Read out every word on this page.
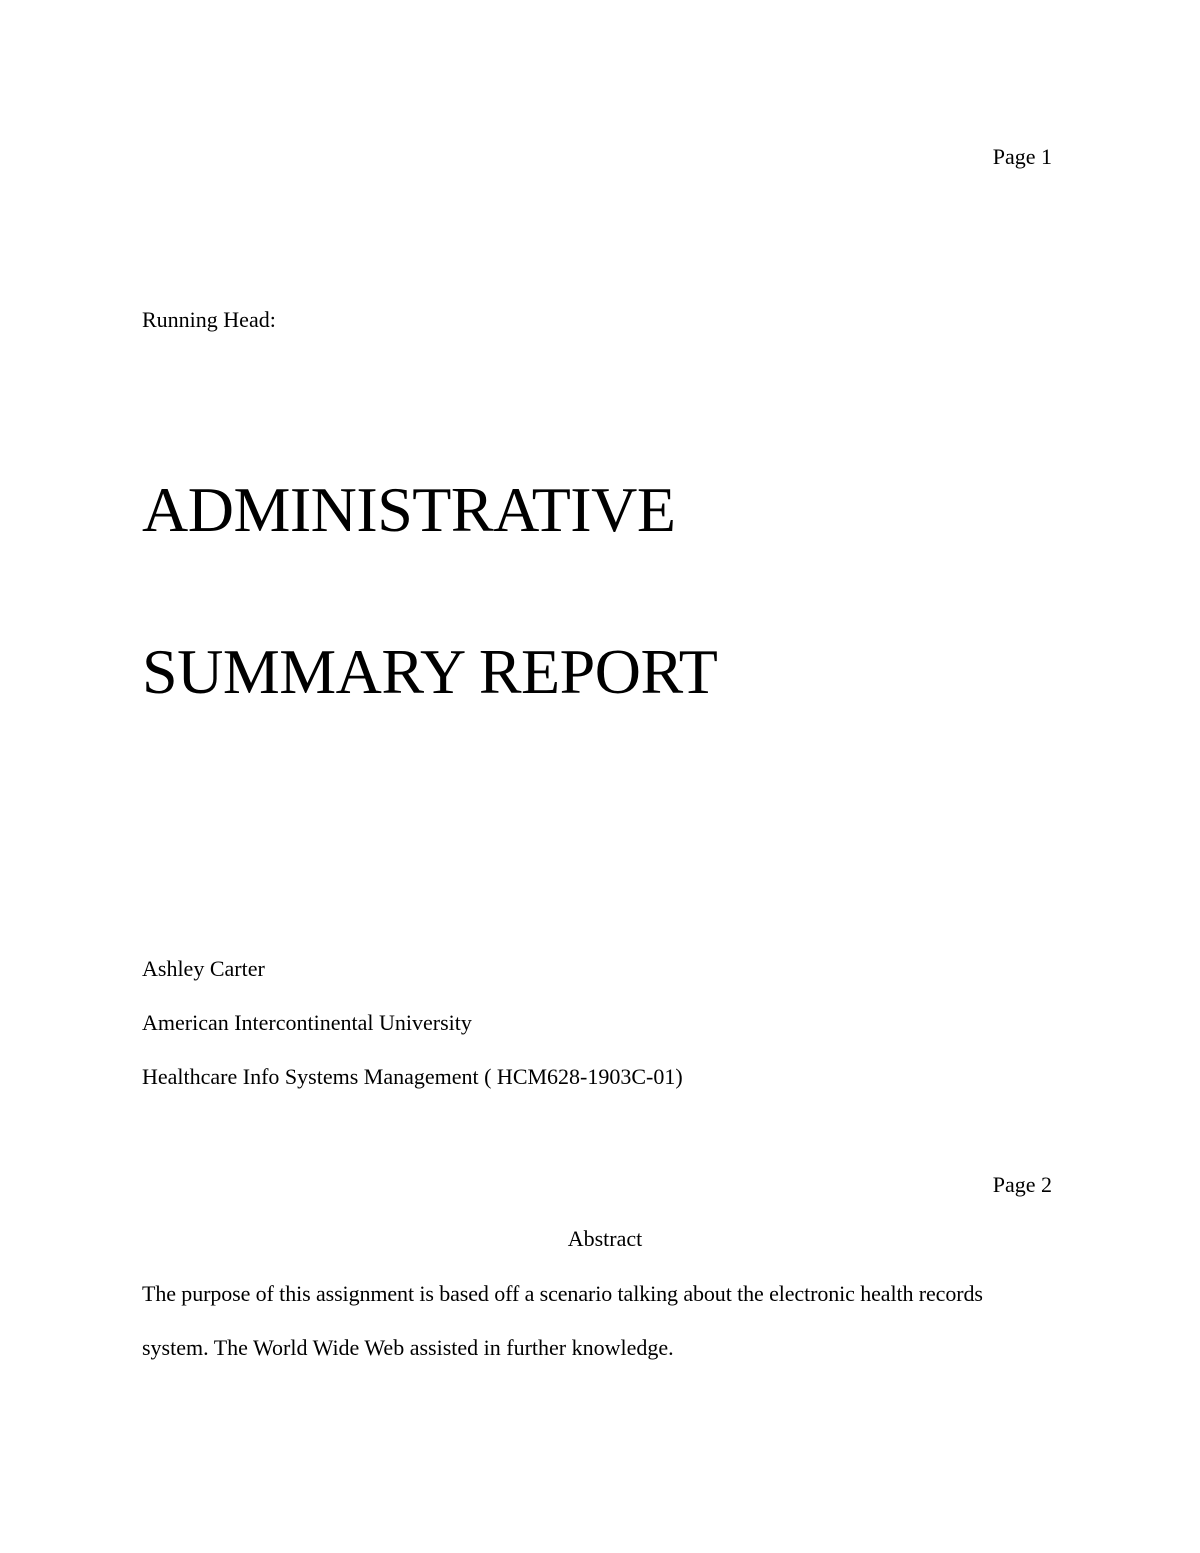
Page 1

Running Head:

ADMINISTRATIVE
SUMMARY REPORT

Ashley Carter

American Intercontinental University

Healthcare Info Systems Management ( HCM628-1903C-01)

Page 2

Abstract

The purpose of this assignment is based off a scenario talking about the electronic health records

system. The World Wide Web assisted in further knowledge.
